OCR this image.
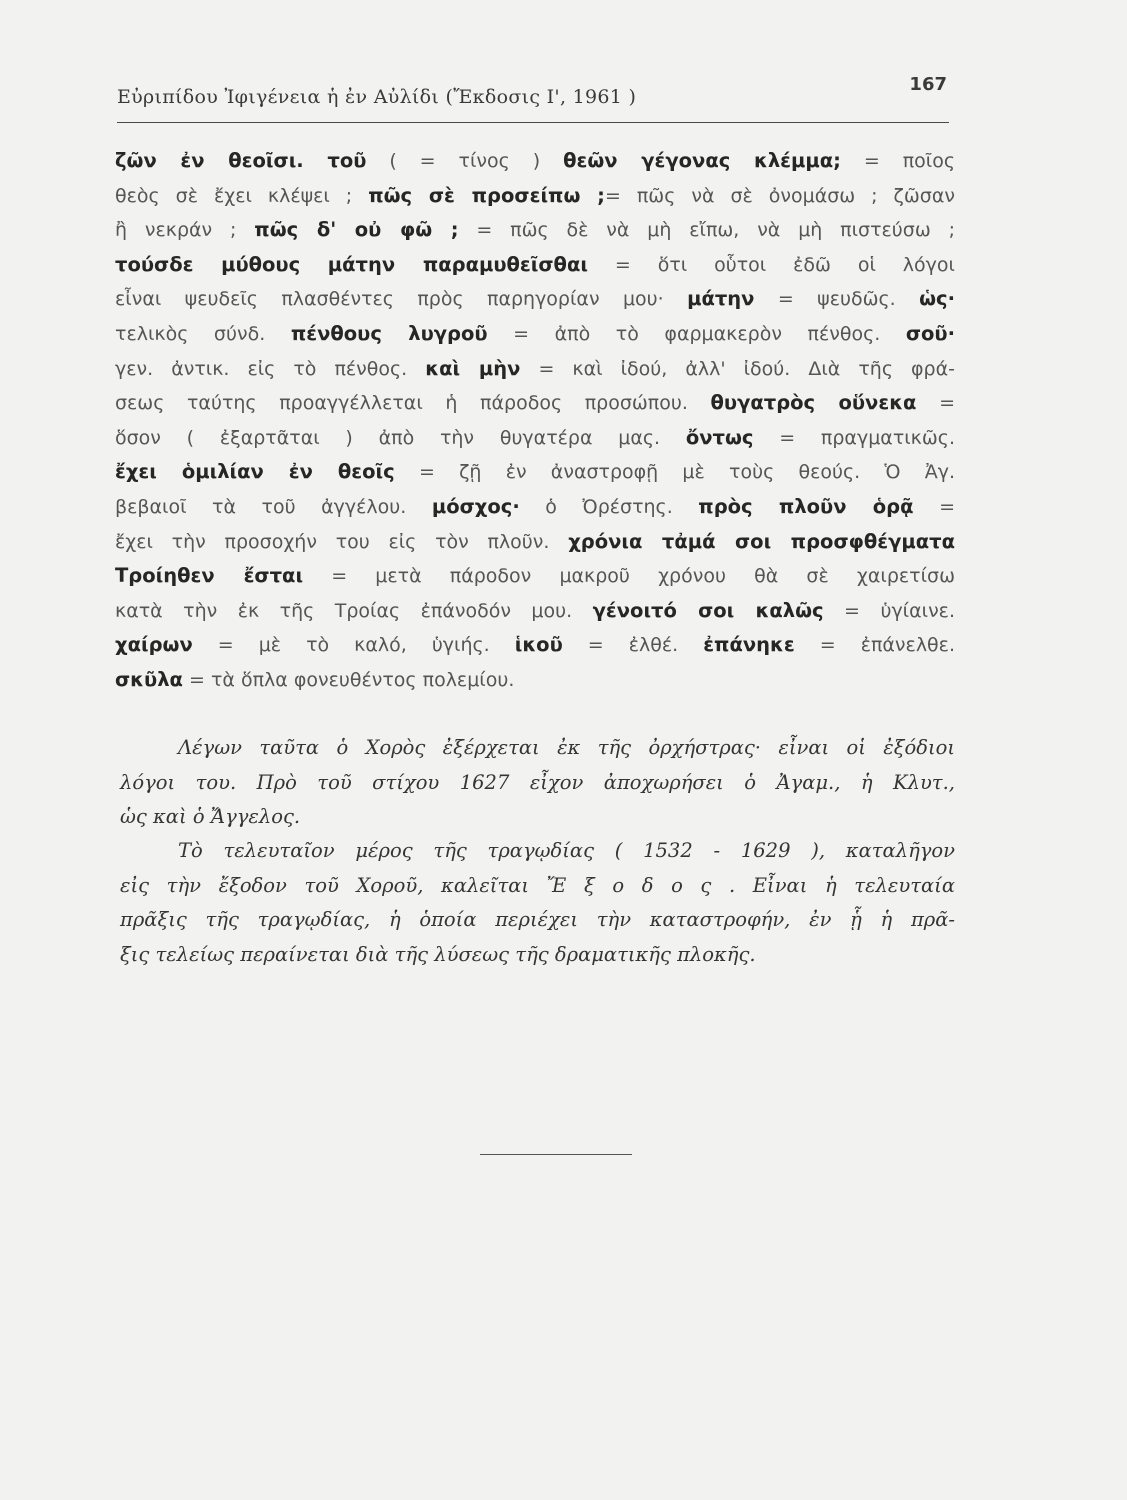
Εὐριπίδου Ἰφιγένεια ἡ ἐν Αὐλίδι (Ἔκδοσις Ι', 1961 )
167
ζῶν ἐν θεοῖσι. τοῦ ( = τίνος ) θεῶν γέγονας κλέμμα; = ποῖος
θεὸς σὲ ἔχει κλέψει ; πῶς σὲ προσείπω ;= πῶς νὰ σὲ ὀνομάσω ; ζῶσαν
ἢ νεκράν ; πῶς δ' οὐ φῶ ; = πῶς δὲ νὰ μὴ εἴπω, νὰ μὴ πιστεύσω ;
τούσδε μύθους μάτην παραμυθεῖσθαι = ὅτι οὗτοι ἐδῶ οἱ λόγοι
εἶναι ψευδεῖς πλασθέντες πρὸς παρηγορίαν μου· μάτην = ψευδῶς. ὡς·
τελικὸς σύνδ. πένθους λυγροῦ = ἀπὸ τὸ φαρμακερὸν πένθος. σοῦ·
γεν. ἀντικ. εἰς τὸ πένθος. καὶ μὴν = καὶ ἰδού, ἀλλ' ἰδού. Διὰ τῆς φρά-
σεως ταύτης προαγγέλλεται ἡ πάροδος προσώπου. θυγατρὸς οὕνεκα =
ὅσον ( ἐξαρτᾶται ) ἀπὸ τὴν θυγατέρα μας. ὄντως = πραγματικῶς.
ἔχει ὁμιλίαν ἐν θεοῖς = ζῇ ἐν ἀναστροφῇ μὲ τοὺς θεούς. Ὁ Ἀγ.
βεβαιοῖ τὰ τοῦ ἀγγέλου. μόσχος· ὁ Ὀρέστης. πρὸς πλοῦν ὁρᾷ =
ἔχει τὴν προσοχήν του εἰς τὸν πλοῦν. χρόνια τἀμά σοι προσφθέγματα
Τροίηθεν ἔσται = μετὰ πάροδον μακροῦ χρόνου θὰ σὲ χαιρετίσω
κατὰ τὴν ἐκ τῆς Τροίας ἐπάνοδόν μου. γένοιτό σοι καλῶς = ὑγίαινε.
χαίρων = μὲ τὸ καλό, ὑγιής. ἱκοῦ = ἐλθέ. ἐπάνηκε = ἐπάνελθε.
σκῦλα = τὰ ὅπλα φονευθέντος πολεμίου.
Λέγων ταῦτα ὁ Χορὸς ἐξέρχεται ἐκ τῆς ὀρχήστρας· εἶναι οἱ ἐξόδιοι
λόγοι του. Πρὸ τοῦ στίχου 1627 εἶχον ἀποχωρήσει ὁ Ἀγαμ., ἡ Κλυτ.,
ὡς καὶ ὁ Ἄγγελος.
Τὸ τελευταῖον μέρος τῆς τραγῳδίας ( 1532 - 1629 ), καταλῆγον
εἰς τὴν ἔξοδον τοῦ Χοροῦ, καλεῖται Ἔ ξ ο δ ο ς . Εἶναι ἡ τελευταία
πρᾶξις τῆς τραγῳδίας, ἡ ὁποία περιέχει τὴν καταστροφήν, ἐν ᾗ ἡ πρᾶ-
ξις τελείως περαίνεται διὰ τῆς λύσεως τῆς δραματικῆς πλοκῆς.
